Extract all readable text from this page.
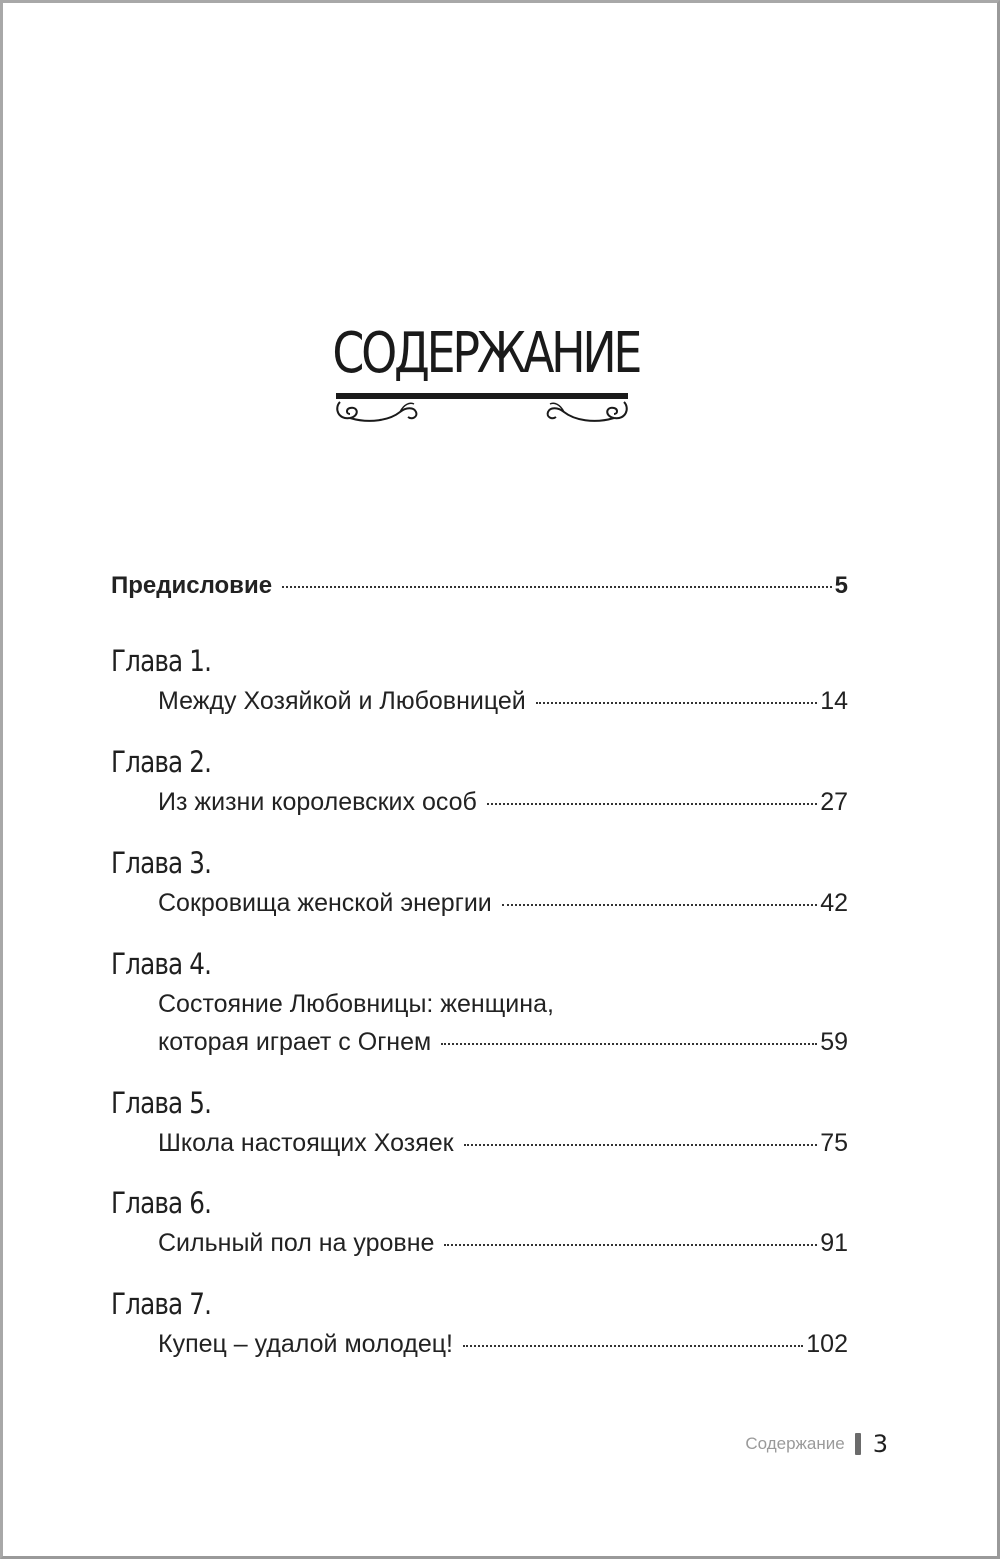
СОДЕРЖАНИЕ
Предисловие	5
Глава 1.
Между Хозяйкой и Любовницей	14
Глава 2.
Из жизни королевских особ	27
Глава 3.
Сокровища женской энергии	42
Глава 4.
Состояние Любовницы: женщина,
которая играет с Огнем	59
Глава 5.
Школа настоящих Хозяек	75
Глава 6.
Сильный пол на уровне	91
Глава 7.
Купец – удалой молодец!	102
Содержание 3
